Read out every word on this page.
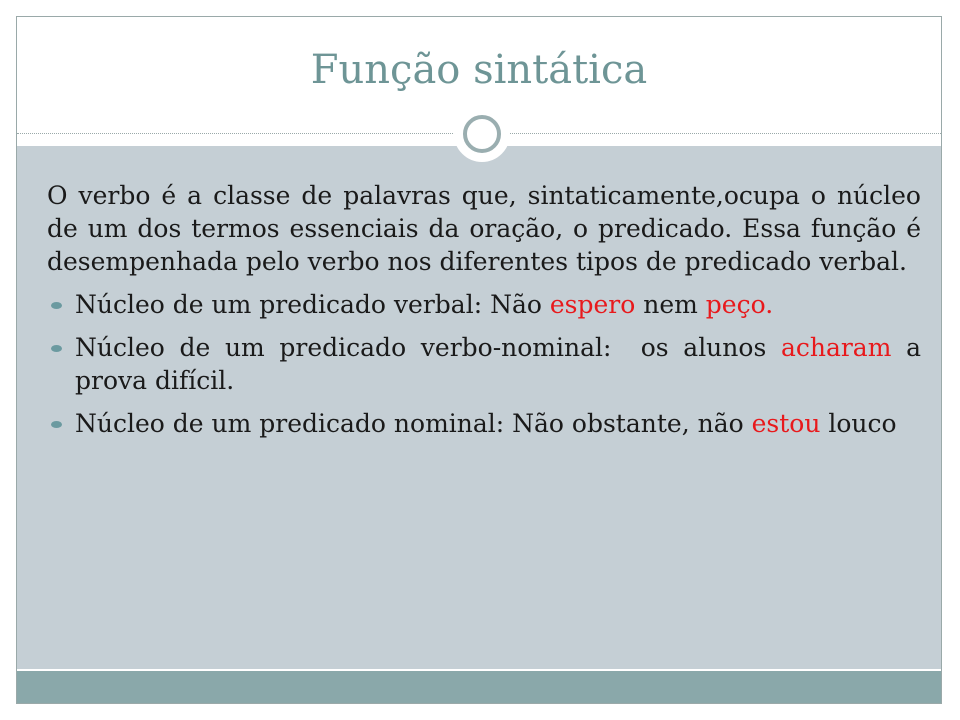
Função sintática

O verbo é a classe de palavras que, sintaticamente,ocupa o núcleo de um dos termos essenciais da oração, o predicado. Essa função é desempenhada pelo verbo nos diferentes tipos de predicado verbal.

Núcleo de um predicado verbal: Não espero nem peço.
Núcleo de um predicado verbo-nominal:  os alunos acharam a prova difícil.
Núcleo de um predicado nominal: Não obstante, não estou louco
